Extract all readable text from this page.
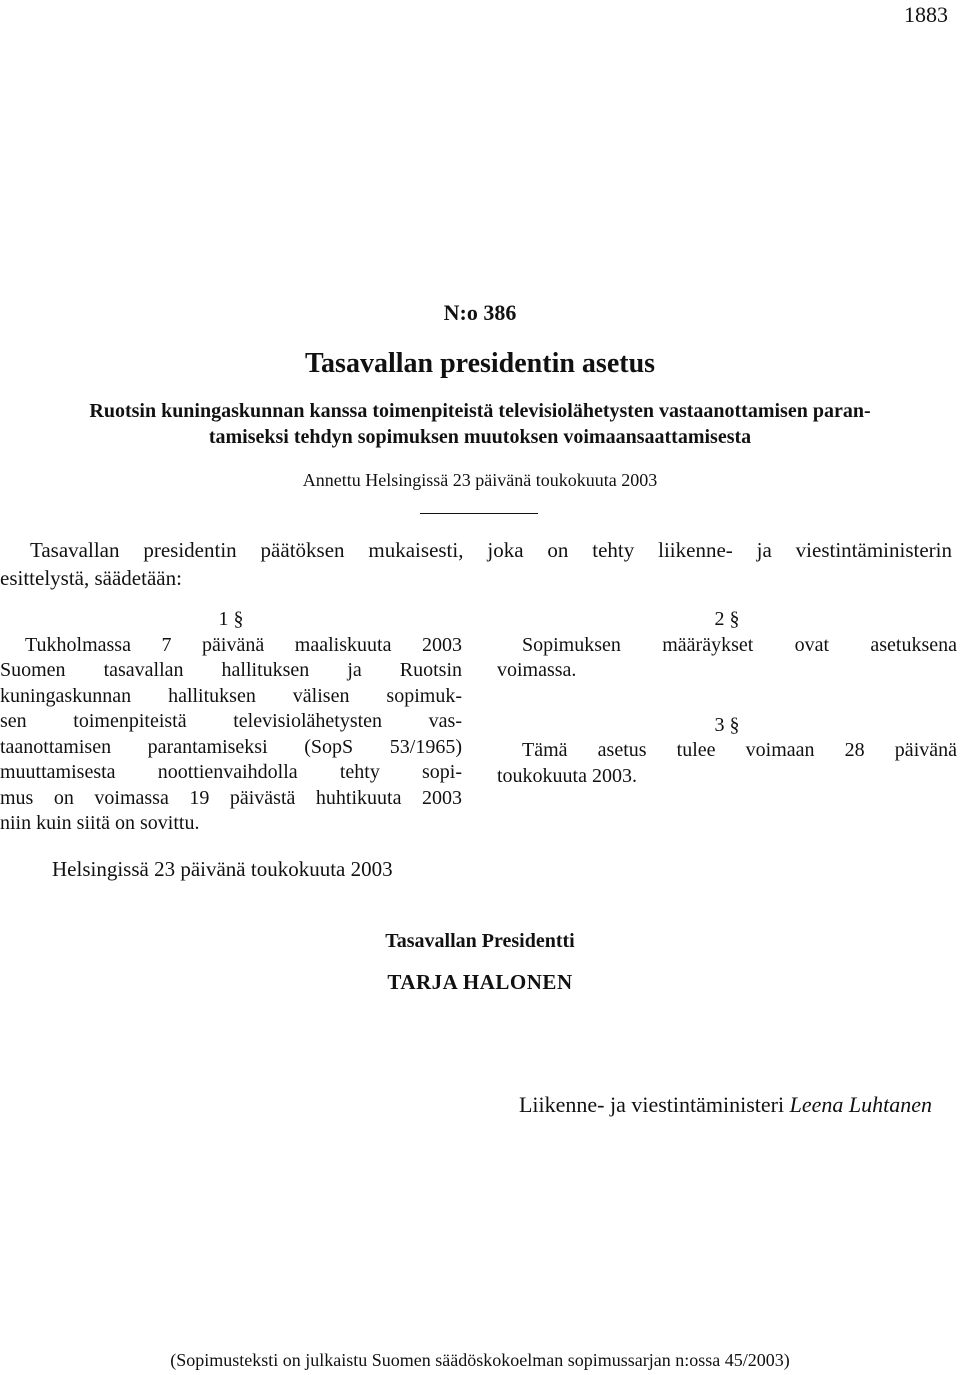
1883
N:o 386
Tasavallan presidentin asetus
Ruotsin kuningaskunnan kanssa toimenpiteistä televisiolähetysten vastaanottamisen paran-
tamiseksi tehdyn sopimuksen muutoksen voimaansaattamisesta
Annettu Helsingissä 23 päivänä toukokuuta 2003
Tasavallan presidentin päätöksen mukaisesti, joka on tehty liikenne- ja viestintäministerin
esittelystä, säädetään:
1 §
Tukholmassa 7 päivänä maaliskuuta 2003
Suomen tasavallan hallituksen ja Ruotsin
kuningaskunnan hallituksen välisen sopimuk-
sen toimenpiteistä televisiolähetysten vas-
taanottamisen parantamiseksi (SopS 53/1965)
muuttamisesta noottienvaihdolla tehty sopi-
mus on voimassa 19 päivästä huhtikuuta 2003
niin kuin siitä on sovittu.
2 §
Sopimuksen määräykset ovat asetuksena
voimassa.
3 §
Tämä asetus tulee voimaan 28 päivänä
toukokuuta 2003.
Helsingissä 23 päivänä toukokuuta 2003
Tasavallan Presidentti
TARJA HALONEN
Liikenne- ja viestintäministeri Leena Luhtanen
(Sopimusteksti on julkaistu Suomen säädöskokoelman sopimussarjan n:ossa 45/2003)
